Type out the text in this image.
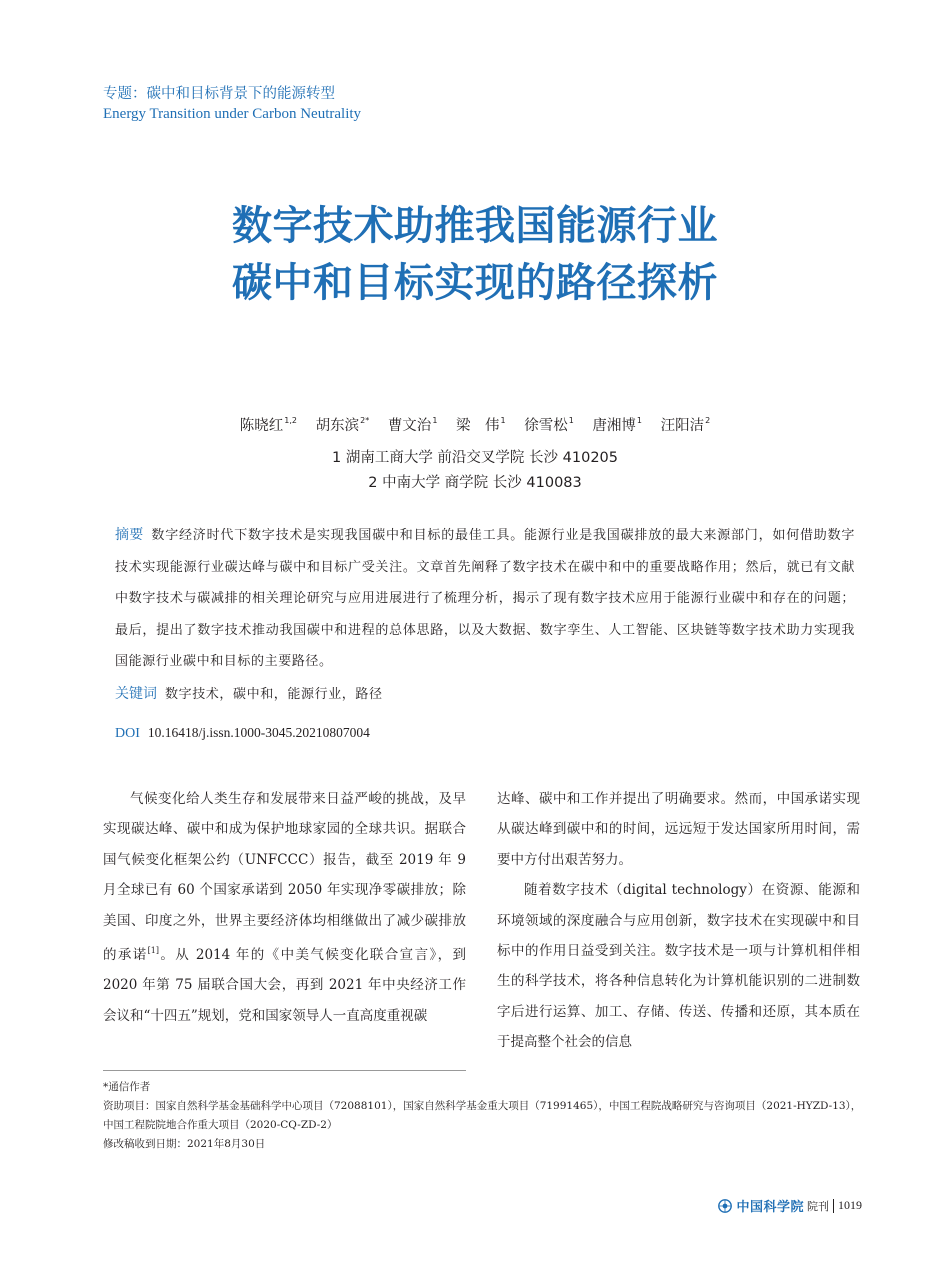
专题：碳中和目标背景下的能源转型
Energy Transition under Carbon Neutrality
数字技术助推我国能源行业
碳中和目标实现的路径探析
陈晓红$^{1,2}$ 胡东滨$^{2*}$ 曹文治$^1$ 梁　伟$^1$ 徐雪松$^1$ 唐湘博$^1$ 汪阳洁$^2$
1 湖南工商大学 前沿交叉学院 长沙 410205
2 中南大学 商学院 长沙 410083
摘要 数字经济时代下数字技术是实现我国碳中和目标的最佳工具。能源行业是我国碳排放的最大来源部门，如何借助数字技术实现能源行业碳达峰与碳中和目标广受关注。文章首先阐释了数字技术在碳中和中的重要战略作用；然后，就已有文献中数字技术与碳减排的相关理论研究与应用进展进行了梳理分析，揭示了现有数字技术应用于能源行业碳中和存在的问题；最后，提出了数字技术推动我国碳中和进程的总体思路，以及大数据、数字孪生、人工智能、区块链等数字技术助力实现我国能源行业碳中和目标的主要路径。
关键词 数字技术，碳中和，能源行业，路径
DOI 10.16418/j.issn.1000-3045.20210807004

气候变化给人类生存和发展带来日益严峻的挑战，及早实现碳达峰、碳中和成为保护地球家园的全球共识。据联合国气候变化框架公约（UNFCCC）报告，截至 2019 年 9 月全球已有 60 个国家承诺到 2050 年实现净零碳排放；除美国、印度之外，世界主要经济体均相继做出了减少碳排放的承诺[1]。从 2014 年的《中美气候变化联合宣言》，到 2020 年第 75 届联合国大会，再到 2021 年中央经济工作会议和“十四五”规划，党和国家领导人一直高度重视碳

达峰、碳中和工作并提出了明确要求。然而，中国承诺实现从碳达峰到碳中和的时间，远远短于发达国家所用时间，需要中方付出艰苦努力。

随着数字技术（digital technology）在资源、能源和环境领域的深度融合与应用创新，数字技术在实现碳中和目标中的作用日益受到关注。数字技术是一项与计算机相伴相生的科学技术，将各种信息转化为计算机能识别的二进制数字后进行运算、加工、存储、传送、传播和还原，其本质在于提高整个社会的信息

*通信作者
资助项目：国家自然科学基金基础科学中心项目（72088101），国家自然科学基金重大项目（71991465），中国工程院战略研究与咨询项目（2021-HYZD-13），中国工程院院地合作重大项目（2020-CQ-ZD-2）
修改稿收到日期：2021年8月30日
中国科学院 院刊 1019
